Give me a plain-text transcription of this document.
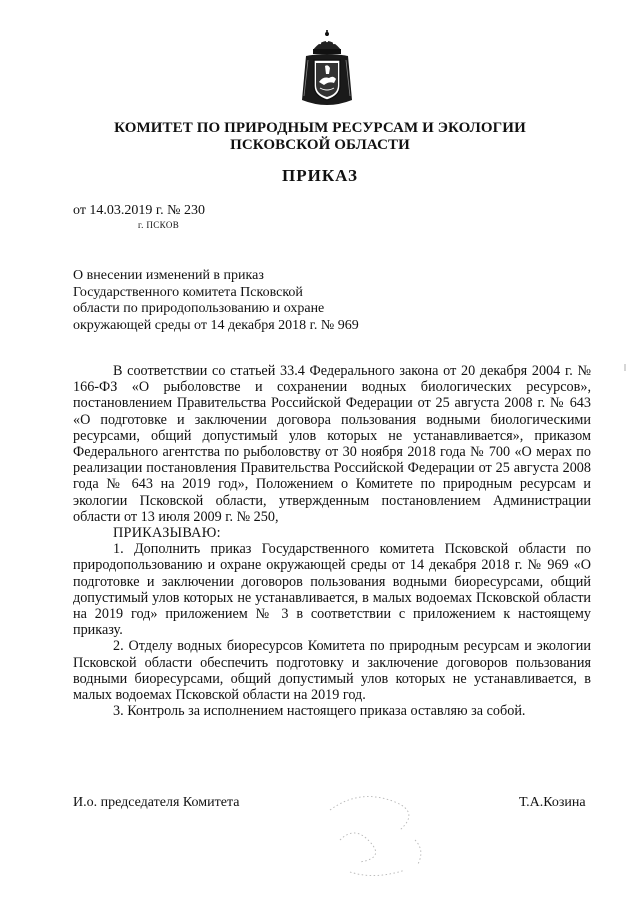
КОМИТЕТ ПО ПРИРОДНЫМ РЕСУРСАМ И ЭКОЛОГИИ
ПСКОВСКОЙ ОБЛАСТИ
ПРИКАЗ
от 14.03.2019 г. № 230
г. ПСКОВ
О внесении изменений в приказ
Государственного комитета Псковской
области по природопользованию и охране
окружающей среды от 14 декабря 2018 г. № 969

В соответствии со статьей 33.4 Федерального закона от 20 декабря 2004 г. № 166-ФЗ «О рыболовстве и сохранении водных биологических ресурсов», постановлением Правительства Российской Федерации от 25 августа 2008 г. № 643 «О подготовке и заключении договора пользования водными биологическими ресурсами, общий допустимый улов которых не устанавливается», приказом Федерального агентства по рыболовству от 30 ноября 2018 года № 700 «О мерах по реализации постановления Правительства Российской Федерации от 25 августа 2008 года № 643 на 2019 год», Положением о Комитете по природным ресурсам и экологии Псковской области, утвержденным постановлением Администрации области от 13 июля 2009 г. № 250,

ПРИКАЗЫВАЮ:

1. Дополнить приказ Государственного комитета Псковской области по природопользованию и охране окружающей среды от 14 декабря 2018 г. № 969 «О подготовке и заключении договоров пользования водными биоресурсами, общий допустимый улов которых не устанавливается, в малых водоемах Псковской области на 2019 год» приложением № 3 в соответствии с приложением к настоящему приказу.

2. Отделу водных биоресурсов Комитета по природным ресурсам и экологии Псковской области обеспечить подготовку и заключение договоров пользования водными биоресурсами, общий допустимый улов которых не устанавливается, в малых водоемах Псковской области на 2019 год.

3. Контроль за исполнением настоящего приказа оставляю за собой.

И.о. председателя Комитета	Т.А.Козина
